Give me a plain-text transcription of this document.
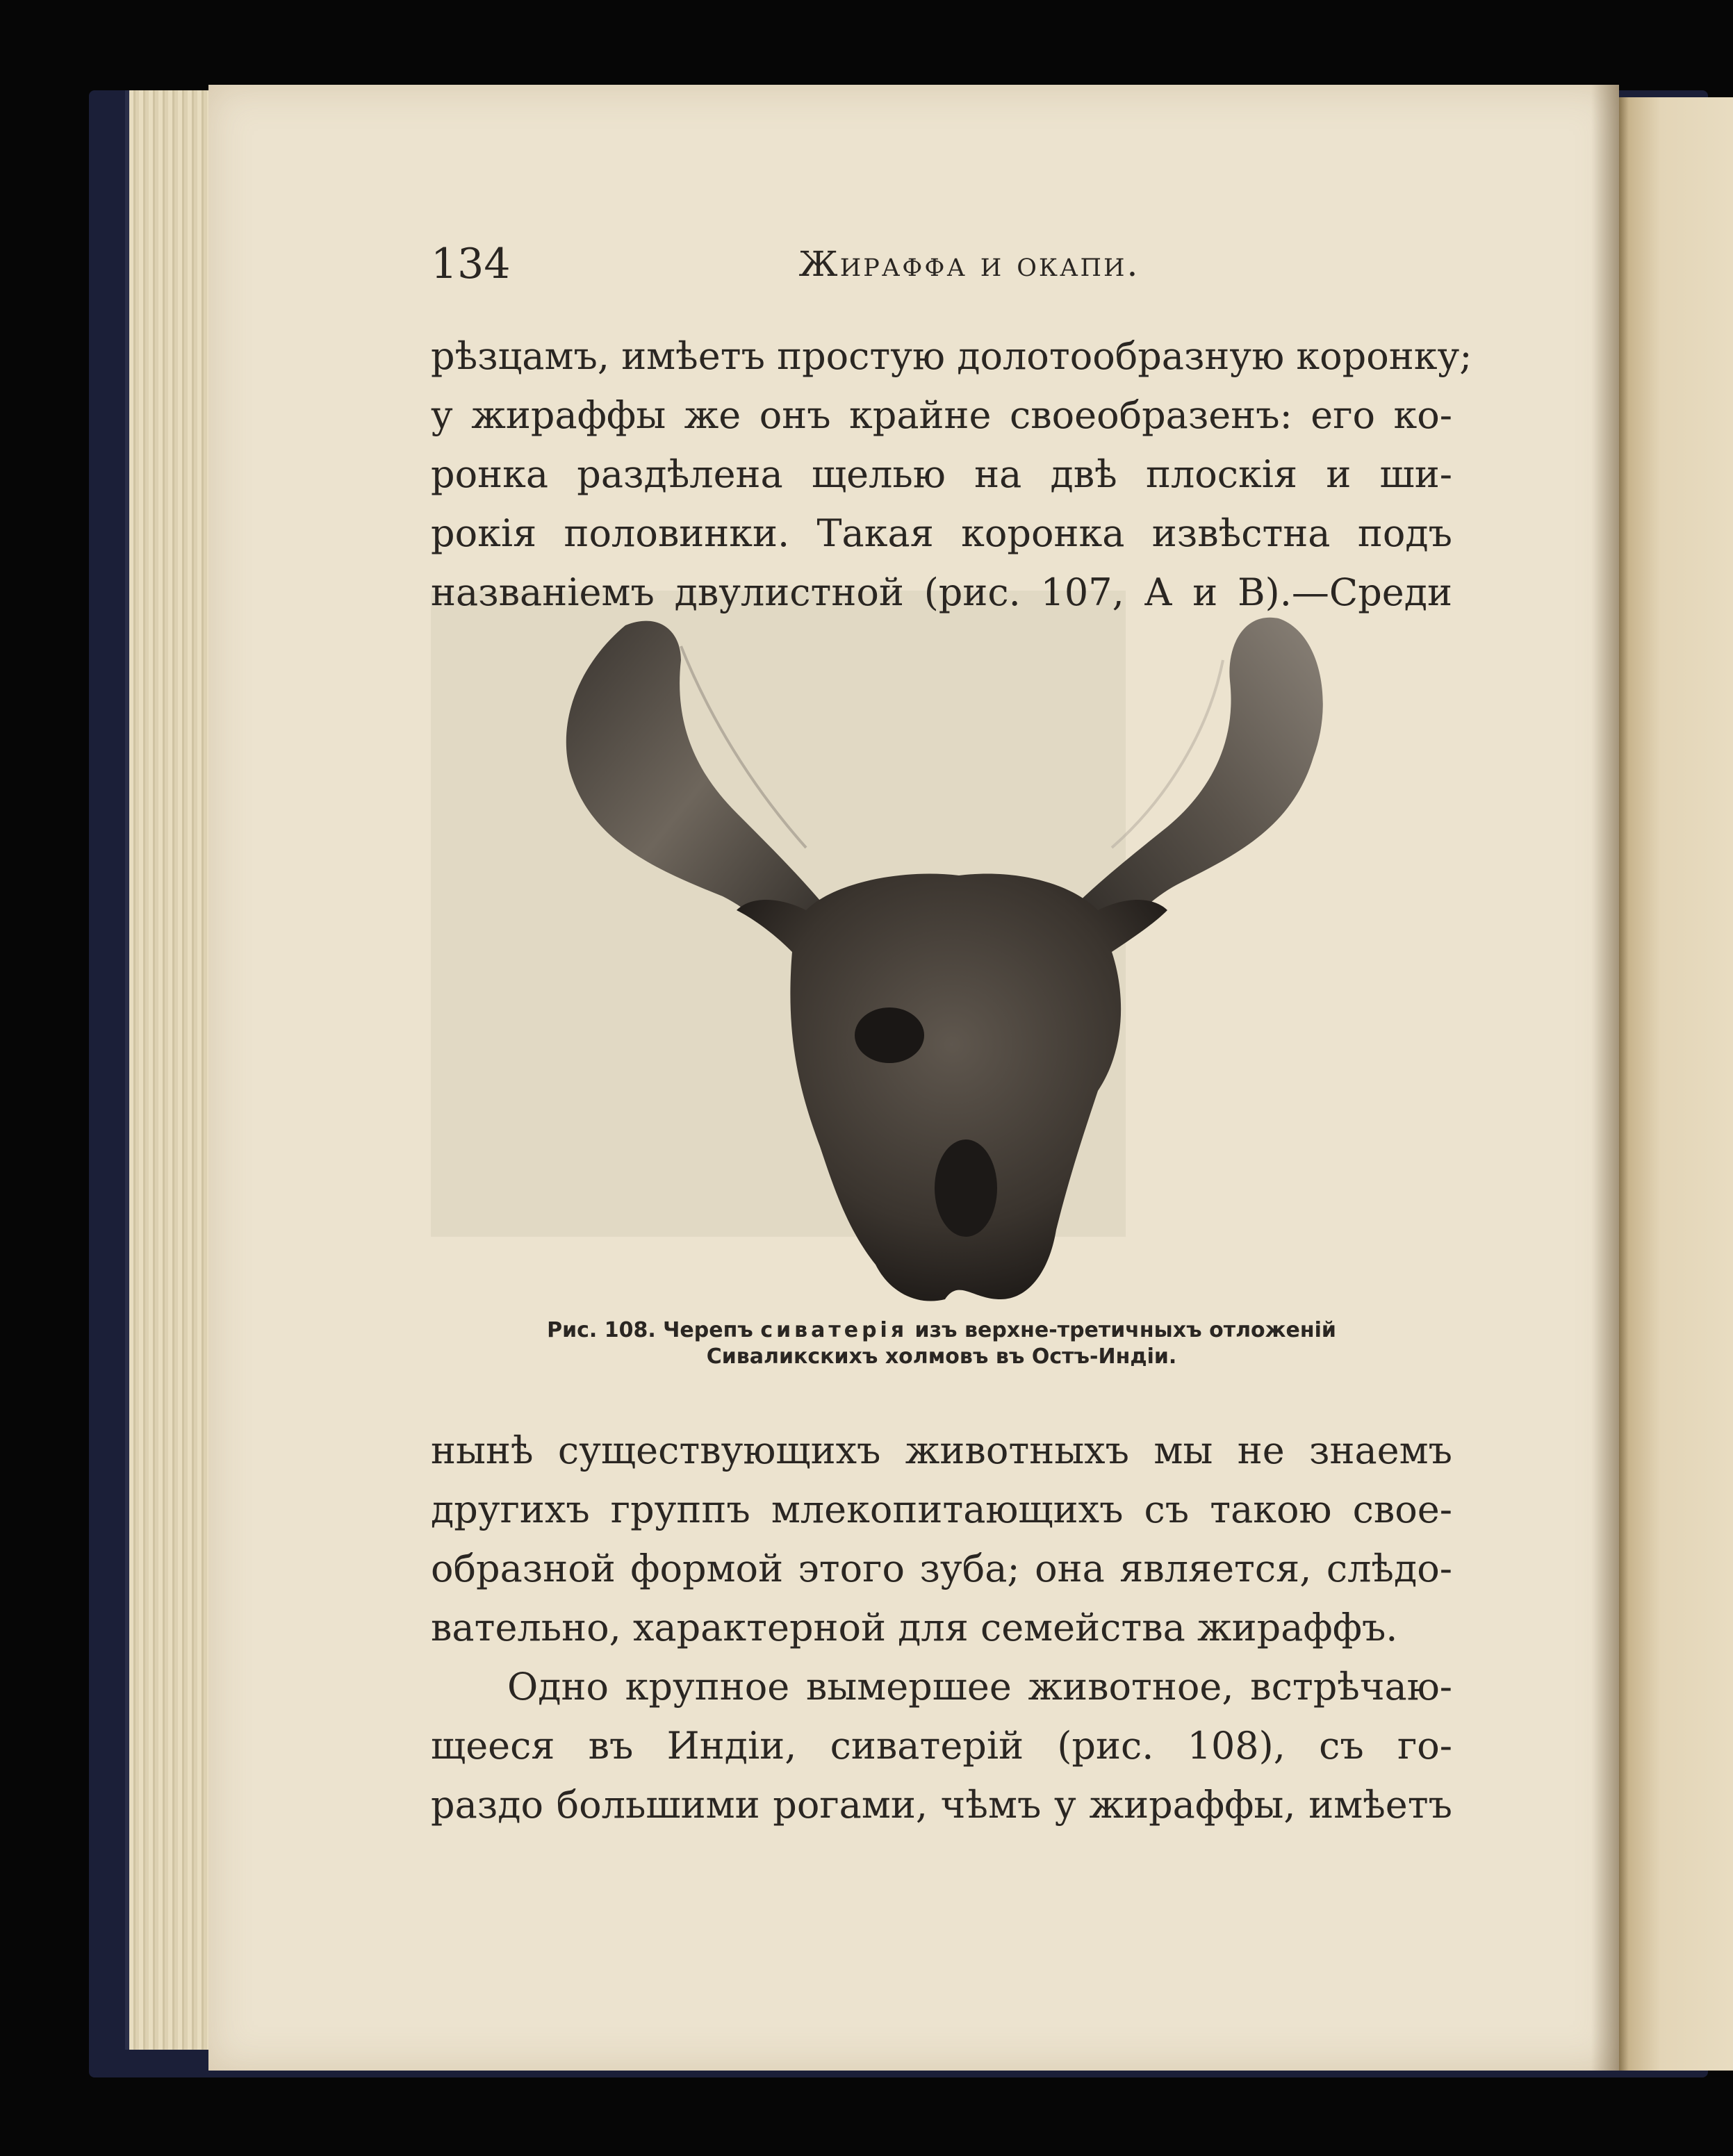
134	Жираффа и окапи.
рѣзцамъ, имѣетъ простую долотообразную коронку;
у жираффы же онъ крайне своеобразенъ: его ко-
ронка раздѣлена щелью на двѣ плоскія и ши-
рокія половинки. Такая коронка извѣстна подъ
названіемъ двулистной (рис. 107, А и В).—Среди
Рис. 108. Черепъ сиватерія изъ верхне-третичныхъ отложеній
Сиваликскихъ холмовъ въ Остъ-Индіи.
нынѣ существующихъ животныхъ мы не знаемъ
другихъ группъ млекопитающихъ съ такою свое-
образной формой этого зуба; она является, слѣдо-
вательно, характерной для семейства жираффъ.
Одно крупное вымершее животное, встрѣчаю-
щееся въ Индіи, сиватерій (рис. 108), съ го-
раздо большими рогами, чѣмъ у жираффы, имѣетъ
